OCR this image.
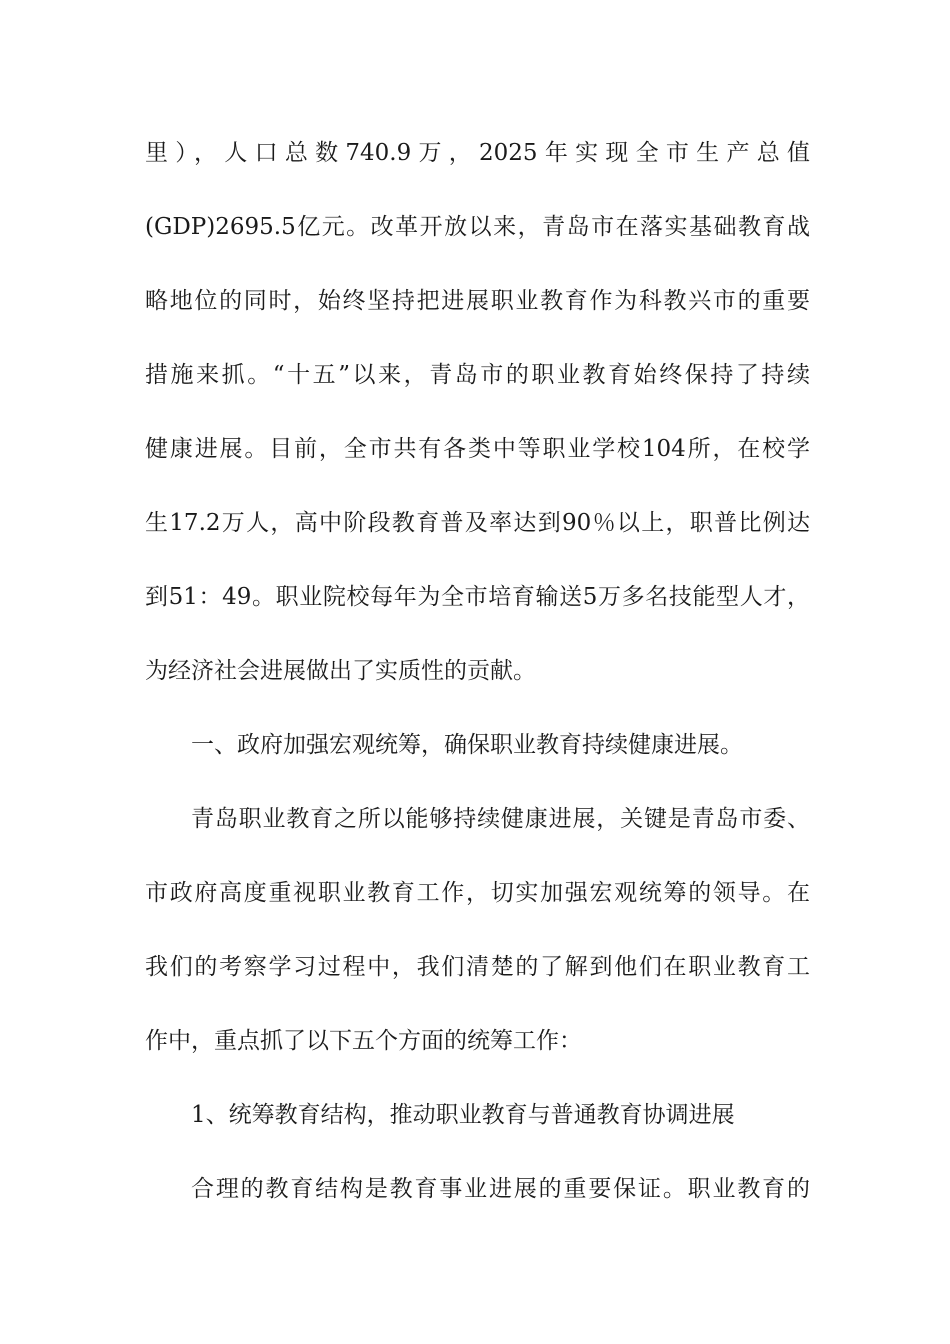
里），人口总数740.9万，2025年实现全市生产总值
(GDP)2695.5亿元。改革开放以来，青岛市在落实基础教育战
略地位的同时，始终坚持把进展职业教育作为科教兴市的重要
措施来抓。“十五”以来，青岛市的职业教育始终保持了持续
健康进展。目前，全市共有各类中等职业学校104所，在校学
生17.2万人，高中阶段教育普及率达到90％以上，职普比例达
到51：49。职业院校每年为全市培育输送5万多名技能型人才，
为经济社会进展做出了实质性的贡献。
一、政府加强宏观统筹，确保职业教育持续健康进展。
青岛职业教育之所以能够持续健康进展，关键是青岛市委、
市政府高度重视职业教育工作，切实加强宏观统筹的领导。在
我们的考察学习过程中，我们清楚的了解到他们在职业教育工
作中，重点抓了以下五个方面的统筹工作：
1、统筹教育结构，推动职业教育与普通教育协调进展
合理的教育结构是教育事业进展的重要保证。职业教育的
